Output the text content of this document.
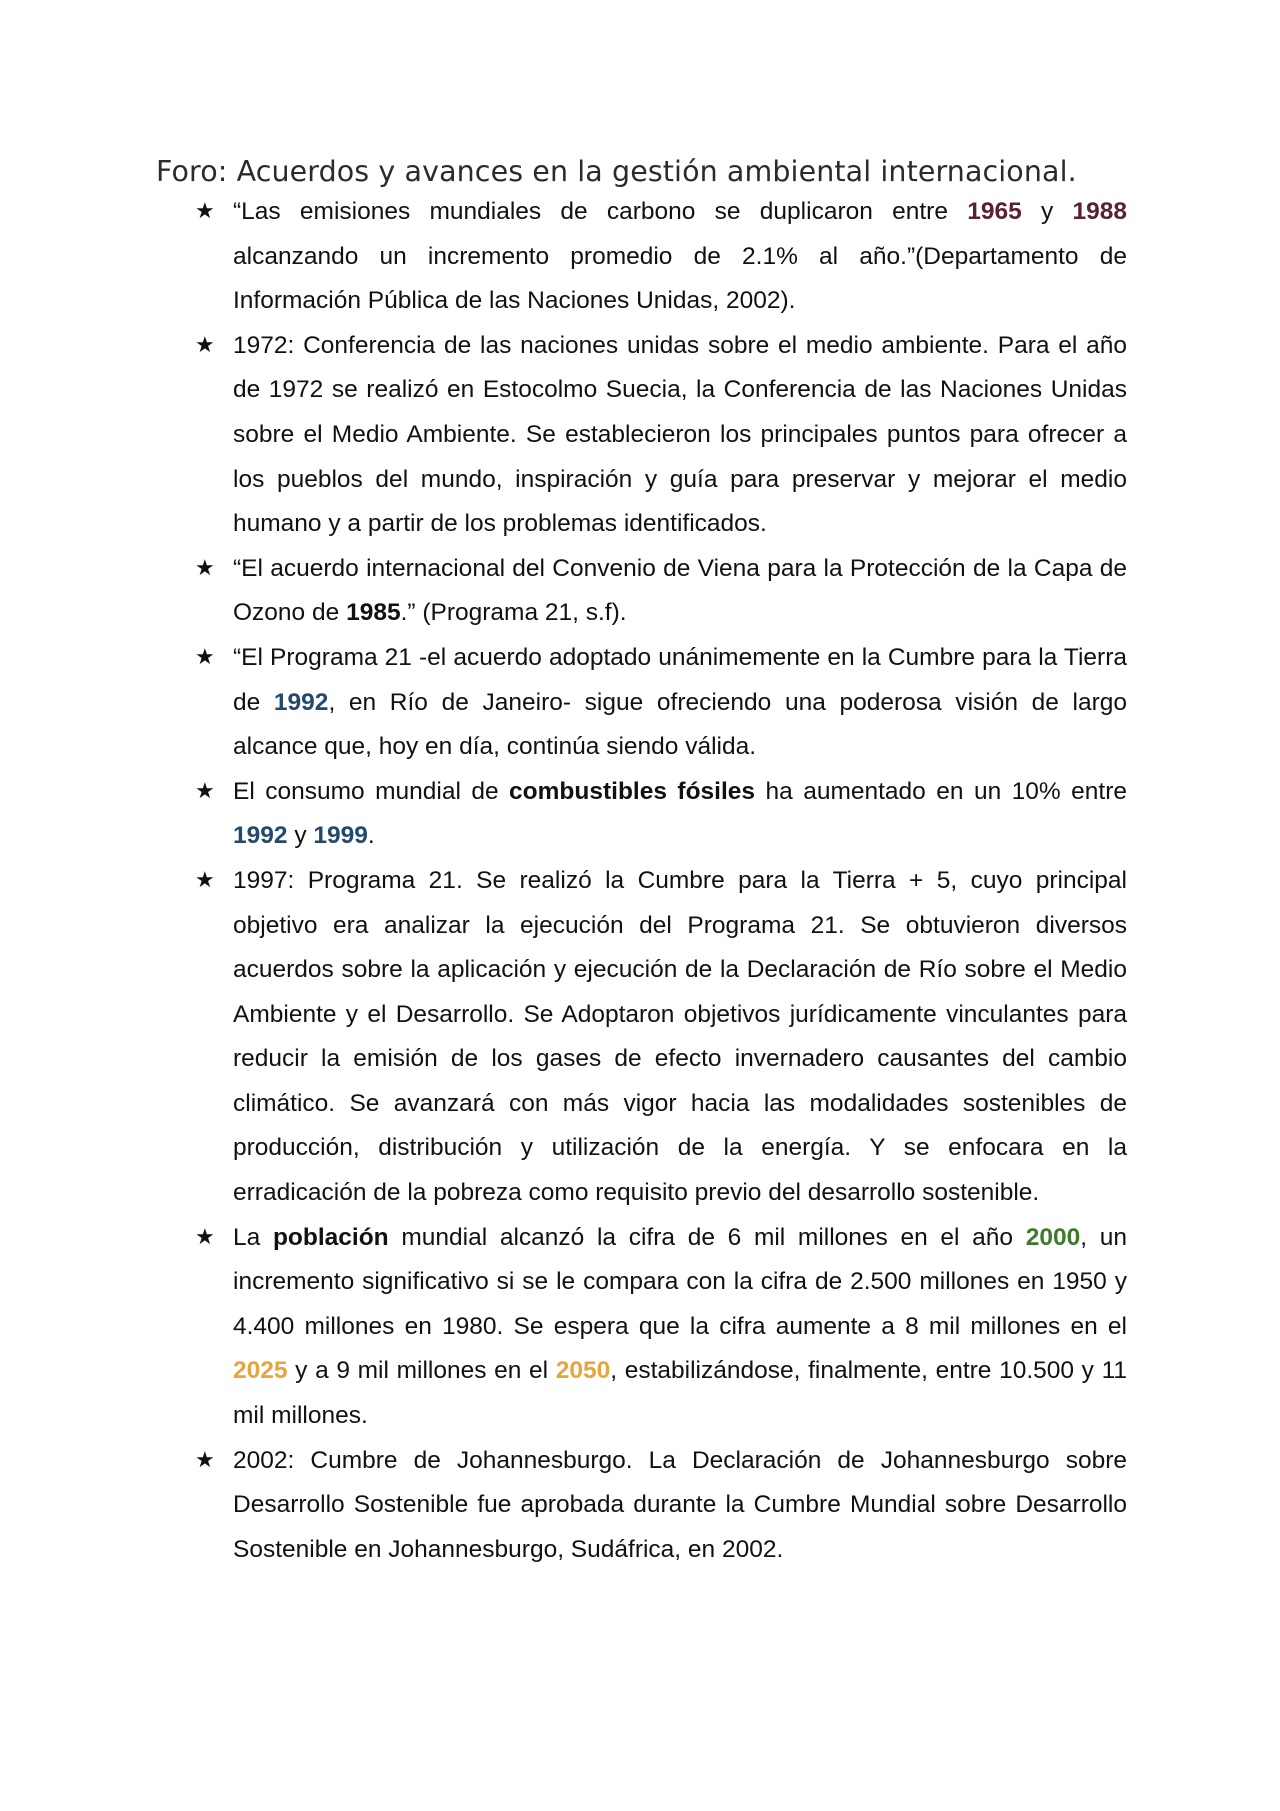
Foro: Acuerdos y avances en la gestión ambiental internacional.
★ “Las emisiones mundiales de carbono se duplicaron entre 1965 y 1988 alcanzando un incremento promedio de 2.1% al año.”(Departamento de Información Pública de las Naciones Unidas, 2002).
★ 1972: Conferencia de las naciones unidas sobre el medio ambiente. Para el año de 1972 se realizó en Estocolmo Suecia, la Conferencia de las Naciones Unidas sobre el Medio Ambiente. Se establecieron los principales puntos para ofrecer a los pueblos del mundo, inspiración y guía para preservar y mejorar el medio humano y a partir de los problemas identificados.
★ “El acuerdo internacional del Convenio de Viena para la Protección de la Capa de Ozono de 1985.” (Programa 21, s.f).
★ “El Programa 21 -el acuerdo adoptado unánimemente en la Cumbre para la Tierra de 1992, en Río de Janeiro- sigue ofreciendo una poderosa visión de largo alcance que, hoy en día, continúa siendo válida.
★ El consumo mundial de combustibles fósiles ha aumentado en un 10% entre 1992 y 1999.
★ 1997: Programa 21. Se realizó la Cumbre para la Tierra + 5, cuyo principal objetivo era analizar la ejecución del Programa 21. Se obtuvieron diversos acuerdos sobre la aplicación y ejecución de la Declaración de Río sobre el Medio Ambiente y el Desarrollo. Se Adoptaron objetivos jurídicamente vinculantes para reducir la emisión de los gases de efecto invernadero causantes del cambio climático. Se avanzará con más vigor hacia las modalidades sostenibles de producción, distribución y utilización de la energía. Y se enfocara en la erradicación de la pobreza como requisito previo del desarrollo sostenible.
★ La población mundial alcanzó la cifra de 6 mil millones en el año 2000, un incremento significativo si se le compara con la cifra de 2.500 millones en 1950 y 4.400 millones en 1980. Se espera que la cifra aumente a 8 mil millones en el 2025 y a 9 mil millones en el 2050, estabilizándose, finalmente, entre 10.500 y 11 mil millones.
★ 2002: Cumbre de Johannesburgo. La Declaración de Johannesburgo sobre Desarrollo Sostenible fue aprobada durante la Cumbre Mundial sobre Desarrollo Sostenible en Johannesburgo, Sudáfrica, en 2002.
